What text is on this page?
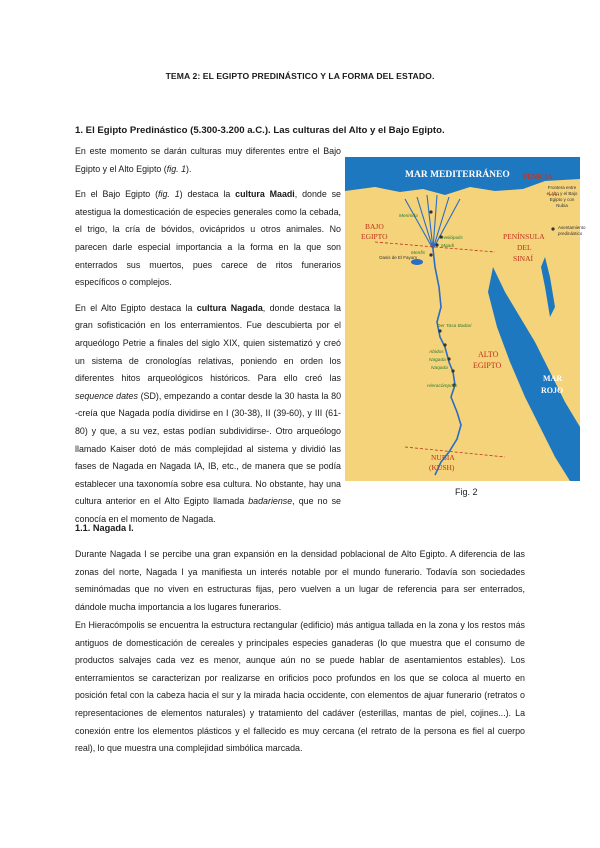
TEMA 2: EL EGIPTO PREDINÁSTICO Y LA FORMA DEL ESTADO.
1. El Egipto Predinástico (5.300-3.200 a.C.). Las culturas del Alto y el Bajo Egipto.

En este momento se darán culturas muy diferentes entre el Bajo Egipto y el Alto Egipto (fig. 1).

En el Bajo Egipto (fig. 1) destaca la cultura Maadi, donde se atestigua la domesticación de especies generales como la cebada, el trigo, la cría de bóvidos, ovicápridos u otros animales. No parecen darle especial importancia a la forma en la que son enterrados sus muertos, pues carece de ritos funerarios específicos o complejos.

En el Alto Egipto destaca la cultura Nagada, donde destaca la gran sofisticación en los enterramientos. Fue descubierta por el arqueólogo Petrie a finales del siglo XIX, quien sistematizó y creó un sistema de cronologías relativas, poniendo en orden los diferentes hitos arqueológicos históricos. Para ello creó las sequence dates (SD), empezando a contar desde la 30 hasta la 80 -creía que Nagada podía dividirse en I (30-38), II (39-60), y III (61-80) y que, a su vez, estas podían subdividirse-. Otro arqueólogo llamado Kaiser dotó de más complejidad al sistema y dividió las fases de Nagada en Nagada IA, IB, etc., de manera que se podía establecer una taxonomía sobre esa cultura. No obstante, hay una cultura anterior en el Alto Egipto llamada badariense, que no se conocía en el momento de Nagada.

MAR MEDITERRÁNEO FENICIA
Frontera entre
el Alto y el Bajo
Egipto y con
Nubia
Asentamiento
predinástico
BAJO
EGIPTO	PENÍNSULA
DEL
SINAÍ
ALTO
EGIPTO
MAR
ROJO
NUBIA
(KUSH)
Merimda
Heliópolis
Maadi
Menfis
Oasis de El Fayum
Der Tasa Badari
Abidos
Nagada
Naqada
Hieracómpolis
Fig. 2
1.1. Nagada I.
Durante Nagada I se percibe una gran expansión en la densidad poblacional de Alto Egipto. A diferencia de las zonas del norte, Nagada I ya manifiesta un interés notable por el mundo funerario. Todavía son sociedades seminómadas que no viven en estructuras fijas, pero vuelven a un lugar de referencia para ser enterrados, dándole mucha importancia a los lugares funerarios.
En Hieracómpolis se encuentra la estructura rectangular (edificio) más antigua tallada en la zona y los restos más antiguos de domesticación de cereales y principales especies ganaderas (lo que muestra que el consumo de productos salvajes cada vez es menor, aunque aún no se puede hablar de asentamientos estables). Los enterramientos se caracterizan por realizarse en orificios poco profundos en los que se coloca al muerto en posición fetal con la cabeza hacia el sur y la mirada hacia occidente, con elementos de ajuar funerario (retratos o representaciones de elementos naturales) y tratamiento del cadáver (esterillas, mantas de piel, cojines...). La conexión entre los elementos plásticos y el fallecido es muy cercana (el retrato de la persona es fiel al cuerpo real), lo que muestra una complejidad simbólica marcada.
